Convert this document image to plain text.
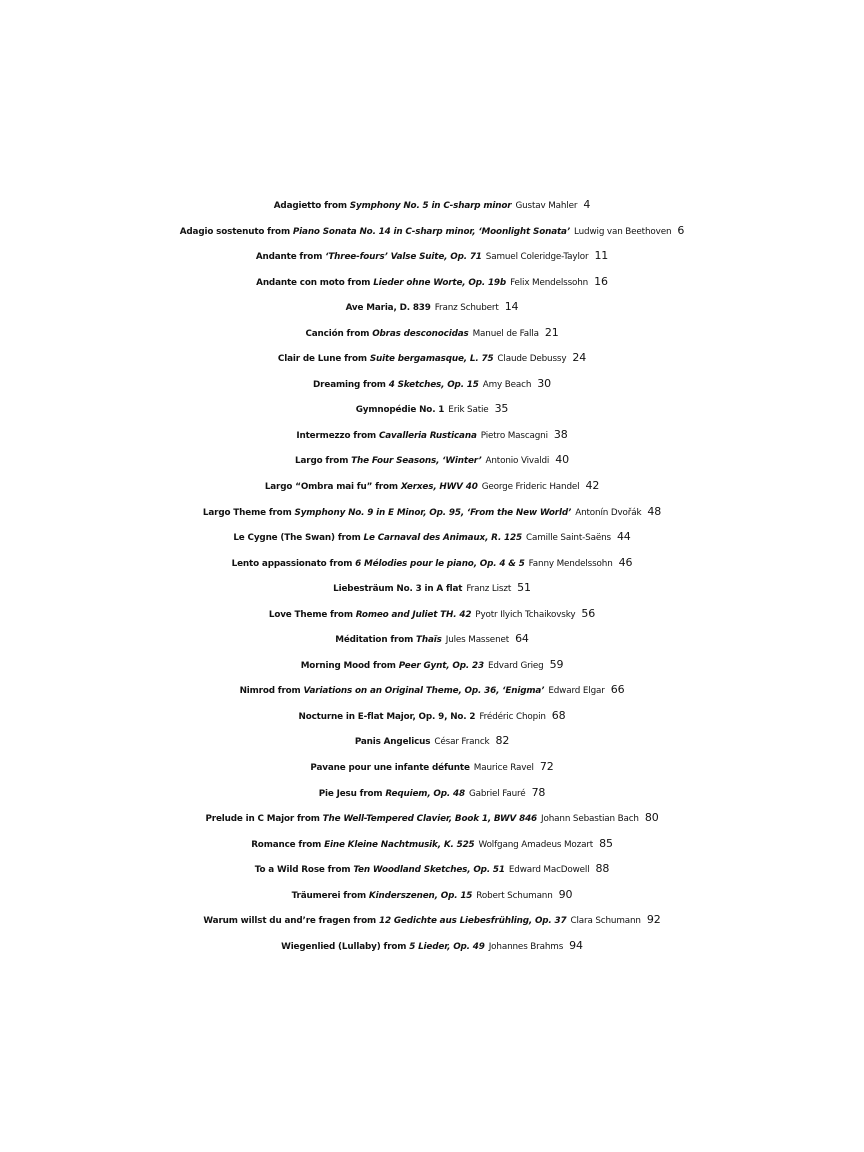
Adagietto from Symphony No. 5 in C-sharp minor Gustav Mahler 4
Adagio sostenuto from Piano Sonata No. 14 in C-sharp minor, ‘Moonlight Sonata’ Ludwig van Beethoven 6
Andante from ‘Three-fours’ Valse Suite, Op. 71 Samuel Coleridge-Taylor 11
Andante con moto from Lieder ohne Worte, Op. 19b Felix Mendelssohn 16
Ave Maria, D. 839 Franz Schubert 14
Canción from Obras desconocidas Manuel de Falla 21
Clair de Lune from Suite bergamasque, L. 75 Claude Debussy 24
Dreaming from 4 Sketches, Op. 15 Amy Beach 30
Gymnopédie No. 1 Erik Satie 35
Intermezzo from Cavalleria Rusticana Pietro Mascagni 38
Largo from The Four Seasons, ‘Winter’ Antonio Vivaldi 40
Largo “Ombra mai fu” from Xerxes, HWV 40 George Frideric Handel 42
Largo Theme from Symphony No. 9 in E Minor, Op. 95, ‘From the New World’ Antonín Dvořák 48
Le Cygne (The Swan) from Le Carnaval des Animaux, R. 125 Camille Saint-Saëns 44
Lento appassionato from 6 Mélodies pour le piano, Op. 4 & 5 Fanny Mendelssohn 46
Liebesträum No. 3 in A flat Franz Liszt 51
Love Theme from Romeo and Juliet TH. 42 Pyotr Ilyich Tchaikovsky 56
Méditation from Thaïs Jules Massenet 64
Morning Mood from Peer Gynt, Op. 23 Edvard Grieg 59
Nimrod from Variations on an Original Theme, Op. 36, ‘Enigma’ Edward Elgar 66
Nocturne in E-flat Major, Op. 9, No. 2 Frédéric Chopin 68
Panis Angelicus César Franck 82
Pavane pour une infante défunte Maurice Ravel 72
Pie Jesu from Requiem, Op. 48 Gabriel Fauré 78
Prelude in C Major from The Well-Tempered Clavier, Book 1, BWV 846 Johann Sebastian Bach 80
Romance from Eine Kleine Nachtmusik, K. 525 Wolfgang Amadeus Mozart 85
To a Wild Rose from Ten Woodland Sketches, Op. 51 Edward MacDowell 88
Träumerei from Kinderszenen, Op. 15 Robert Schumann 90
Warum willst du and’re fragen from 12 Gedichte aus Liebesfrühling, Op. 37 Clara Schumann 92
Wiegenlied (Lullaby) from 5 Lieder, Op. 49 Johannes Brahms 94
